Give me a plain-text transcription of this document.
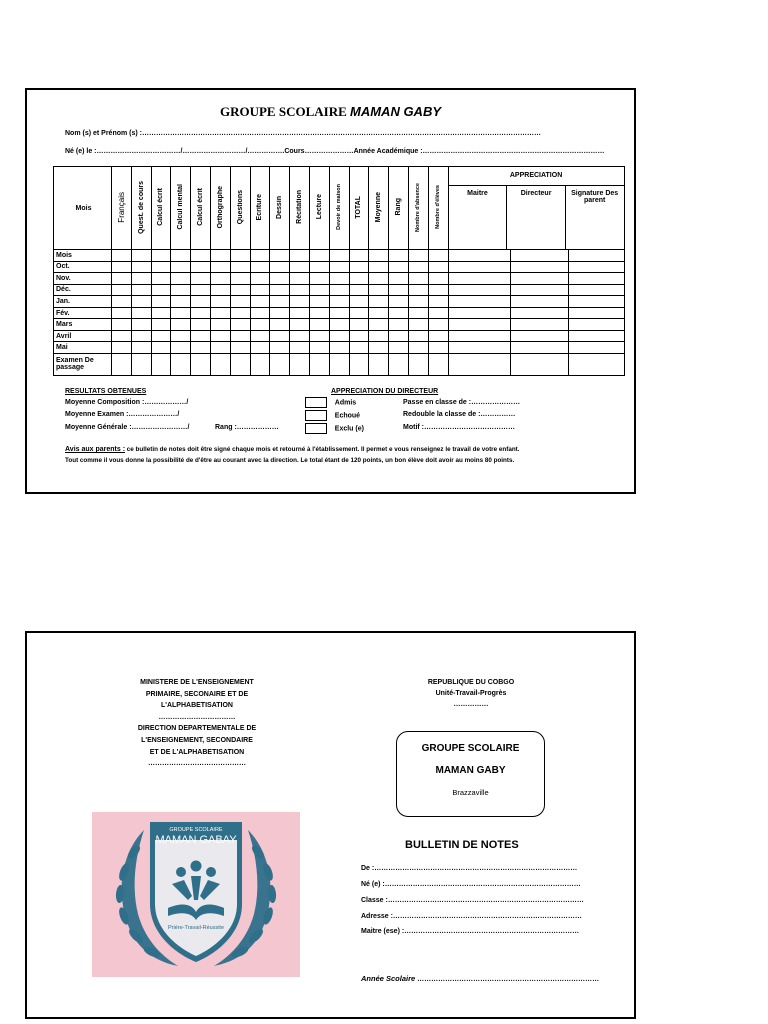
GROUPE SCOLAIRE MAMAN GABY
Nom (s) et Prénom (s) :………………………………………………………………………………………………………………………………………………………
Né (e) le :………………………………/………………………/…………….Cours…………………Année Académique :……………………………………………………………………
Mois	Français	Quest. de cours	Calcul écrit	Calcul mental	Calcul écrit	Orthographe	Questions	Ecriture	Dessin	Récitation	Lecture	Devoir de maison	TOTAL	Moyenne	Rang	Nombre d'absence	Nombre d'élèves	
APPRECIATION
Maitre	Directeur	Signature Des parent

Mois																				
Oct.																				
Nov.																				
Déc.																				
Jan.																				
Fév.																				
Mars																				
Avril																				
Mai																				
Examen De passage																				
RESULTATS OBTENUES
Moyenne Composition :………………/
Moyenne Examen :…………………/
Moyenne Générale :……………………/	Rang :………………
APPRECIATION DU DIRECTEUR
Admis
Echoué
Exclu (e)
Passe en classe de :…………………
Redouble la classe de :……………
Motif :…………………………………
Avis aux parents : ce bulletin de notes doit être signé chaque mois et retourné à l'établissement. Il permet e vous renseignez le travail de votre enfant.
Tout comme il vous donne la possibilité de d'être au courant avec la direction. Le total étant de 120 points, un bon élève doit avoir au moins 80 points.
MINISTERE DE L'ENSEIGNEMENT
PRIMAIRE, SECONAIRE ET DE
L'ALPHABETISATION
……………………………
DIRECTION DEPARTEMENTALE DE
L'ENSEIGNEMENT, SECONDAIRE
ET DE L'ALPHABETISATION
……………………………………
REPUBLIQUE DU COBGO
Unité-Travail-Progrès
……………
GROUPE SCOLAIRE
MAMAN GABY
Brazzaville
GROUPE SCOLAIRE
MAMAN GABAY
Prière-Travail-Réussite
BULLETIN DE NOTES
De :……………………………………………………………………………
Né (e) :…………………………………………………………………………
Classe :…………………………………………………………………………
Adresse :………………………………………………………………………
Maitre (ese) :…………………………………………………………………
Année Scolaire ……………………………………………………………………
